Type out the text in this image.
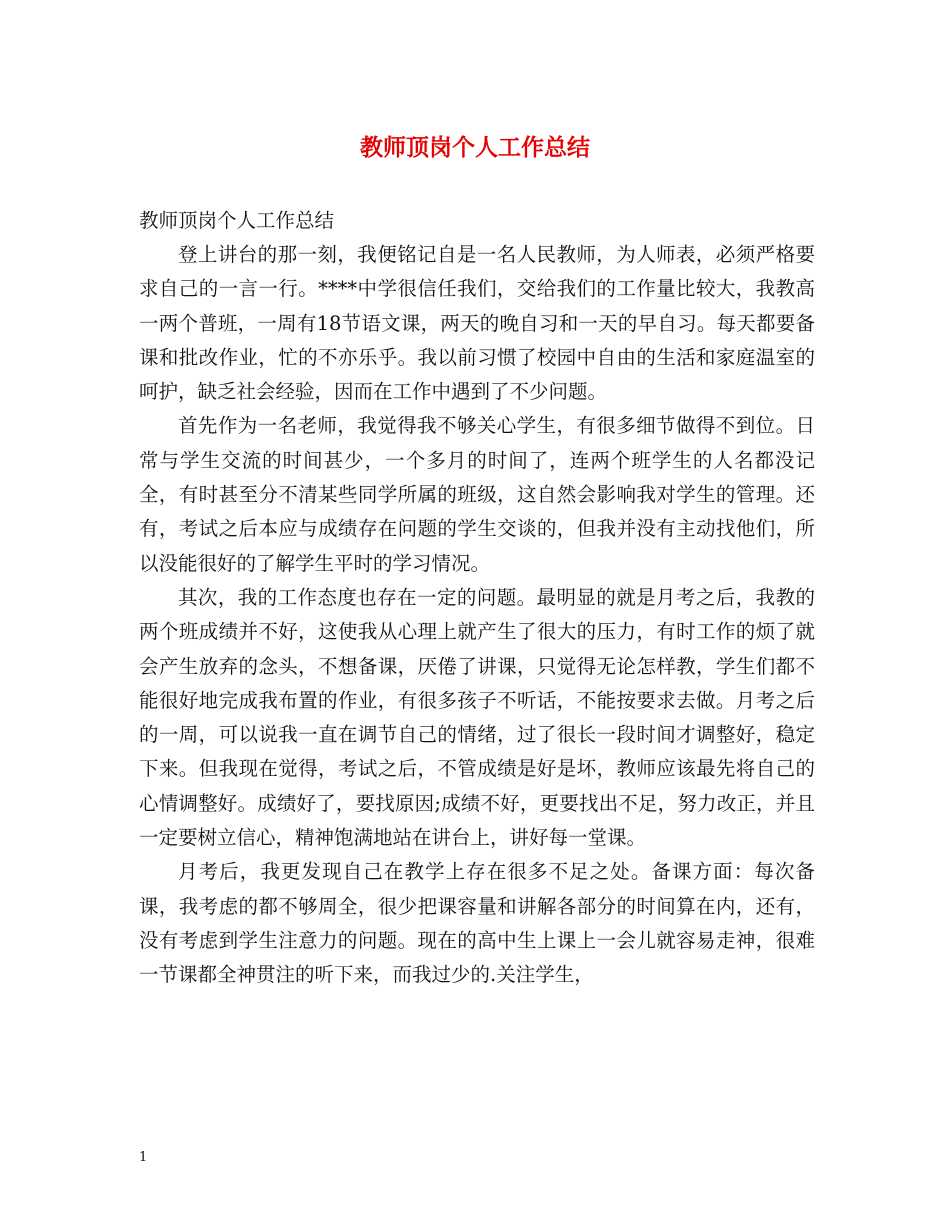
教师顶岗个人工作总结

教师顶岗个人工作总结

登上讲台的那一刻，我便铭记自是一名人民教师，为人师表，必须严格要求自己的一言一行。****中学很信任我们，交给我们的工作量比较大，我教高一两个普班，一周有18节语文课，两天的晚自习和一天的早自习。每天都要备课和批改作业，忙的不亦乐乎。我以前习惯了校园中自由的生活和家庭温室的呵护，缺乏社会经验，因而在工作中遇到了不少问题。

首先作为一名老师，我觉得我不够关心学生，有很多细节做得不到位。日常与学生交流的时间甚少，一个多月的时间了，连两个班学生的人名都没记全，有时甚至分不清某些同学所属的班级，这自然会影响我对学生的管理。还有，考试之后本应与成绩存在问题的学生交谈的，但我并没有主动找他们，所以没能很好的了解学生平时的学习情况。

其次，我的工作态度也存在一定的问题。最明显的就是月考之后，我教的两个班成绩并不好，这使我从心理上就产生了很大的压力，有时工作的烦了就会产生放弃的念头，不想备课，厌倦了讲课，只觉得无论怎样教，学生们都不能很好地完成我布置的作业，有很多孩子不听话，不能按要求去做。月考之后的一周，可以说我一直在调节自己的情绪，过了很长一段时间才调整好，稳定下来。但我现在觉得，考试之后，不管成绩是好是坏，教师应该最先将自己的心情调整好。成绩好了，要找原因;成绩不好，更要找出不足，努力改正，并且一定要树立信心，精神饱满地站在讲台上，讲好每一堂课。

月考后，我更发现自己在教学上存在很多不足之处。备课方面：每次备课，我考虑的都不够周全，很少把课容量和讲解各部分的时间算在内，还有，没有考虑到学生注意力的问题。现在的高中生上课上一会儿就容易走神，很难一节课都全神贯注的听下来，而我过少的.关注学生，

1
